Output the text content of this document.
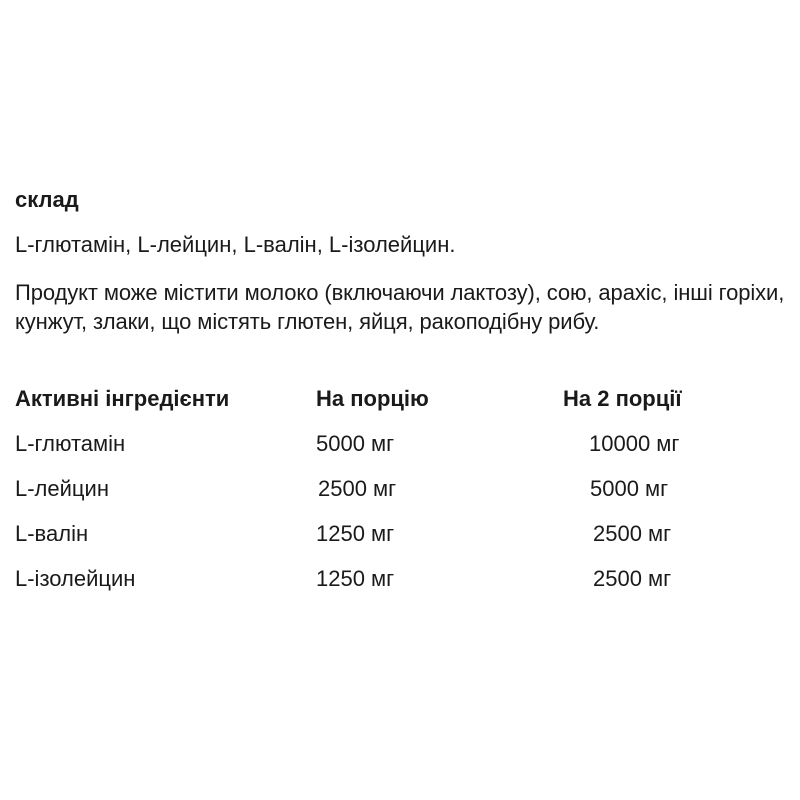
склад
L-глютамін, L-лейцин, L-валін, L-ізолейцин.
Продукт може містити молоко (включаючи лактозу), сою, арахіс, інші горіхи, кунжут, злаки, що містять глютен, яйця, ракоподібну рибу.
Активні інгредієнти	На порцію	На 2 порції
L-глютамін	5000 мг	10000 мг
L-лейцин	2500 мг	5000 мг
L-валін	1250 мг	2500 мг
L-ізолейцин	1250 мг	2500 мг
